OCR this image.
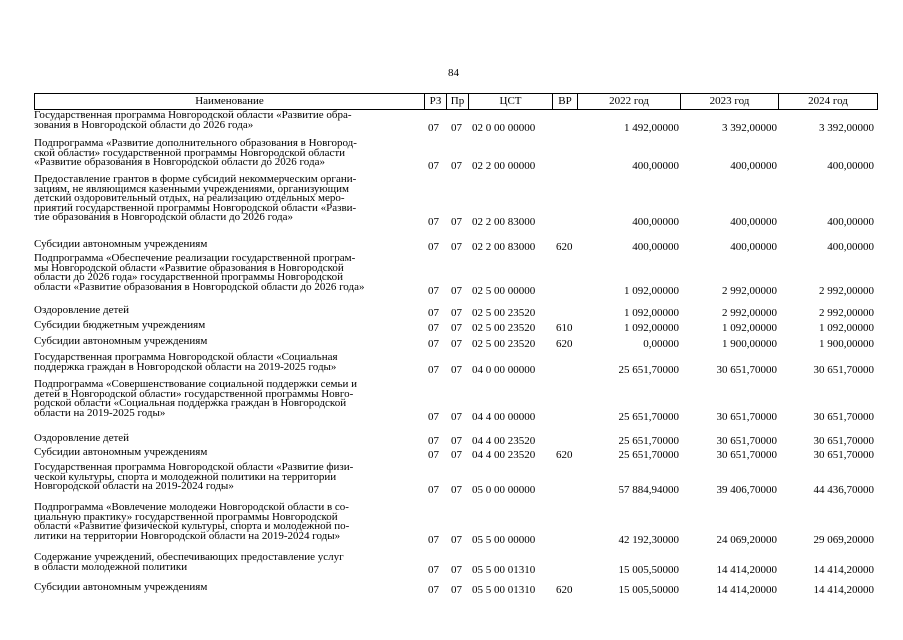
84
Наименование	РЗ Пр	ЦСТ	ВР	2022 год	2023 год	2024 год
Государственная программа Новгородской области «Развитие обра-
зования в Новгородской области до 2026 года»	07 07 02 0 00 00000	1 492,00000	3 392,00000	3 392,00000
Подпрограмма «Развитие дополнительного образования в Новгород-
ской области» государственной программы Новгородской области
«Развитие образования в Новгородской области до 2026 года»	07 07 02 2 00 00000	400,00000	400,00000	400,00000
Предоставление грантов в форме субсидий некоммерческим органи-
зациям, не являющимся казенными учреждениями, организующим
детский оздоровительный отдых, на реализацию отдельных меро-
приятий государственной программы Новгородской области «Разви-
тие образования в Новгородской области до 2026 года»	07 07 02 2 00 83000	400,00000	400,00000	400,00000
Субсидии автономным учреждениям	07 07 02 2 00 83000 620	400,00000	400,00000	400,00000
Подпрограмма «Обеспечение реализации государственной програм-
мы Новгородской области «Развитие образования в Новгородской
области до 2026 года» государственной программы Новгородской
области «Развитие образования в Новгородской области до 2026 года»	07 07 02 5 00 00000	1 092,00000	2 992,00000	2 992,00000
Оздоровление детей	07 07 02 5 00 23520	1 092,00000	2 992,00000	2 992,00000
Субсидии бюджетным учреждениям	07 07 02 5 00 23520 610	1 092,00000	1 092,00000	1 092,00000
Субсидии автономным учреждениям	07 07 02 5 00 23520 620	0,00000	1 900,00000	1 900,00000
Государственная программа Новгородской области «Социальная
поддержка граждан в Новгородской области на 2019-2025 годы»	07 07 04 0 00 00000	25 651,70000	30 651,70000	30 651,70000
Подпрограмма «Совершенствование социальной поддержки семьи и
детей в Новгородской области» государственной программы Новго-
родской области «Социальная поддержка граждан в Новгородской
области на 2019-2025 годы»	07 07 04 4 00 00000	25 651,70000	30 651,70000	30 651,70000
Оздоровление детей	07 07 04 4 00 23520	25 651,70000	30 651,70000	30 651,70000
Субсидии автономным учреждениям	07 07 04 4 00 23520 620	25 651,70000	30 651,70000	30 651,70000
Государственная программа Новгородской области «Развитие физи-
ческой культуры, спорта и молодежной политики на территории
Новгородской области на 2019-2024 годы»	07 07 05 0 00 00000	57 884,94000	39 406,70000	44 436,70000
Подпрограмма «Вовлечение молодежи Новгородской области в со-
циальную практику» государственной программы Новгородской
области «Развитие физической культуры, спорта и молодежной по-
литики на территории Новгородской области на 2019-2024 годы»	07 07 05 5 00 00000	42 192,30000	24 069,20000	29 069,20000
Содержание учреждений, обеспечивающих предоставление услуг
в области молодежной политики	07 07 05 5 00 01310	15 005,50000	14 414,20000	14 414,20000
Субсидии автономным учреждениям	07 07 05 5 00 01310 620	15 005,50000	14 414,20000	14 414,20000
